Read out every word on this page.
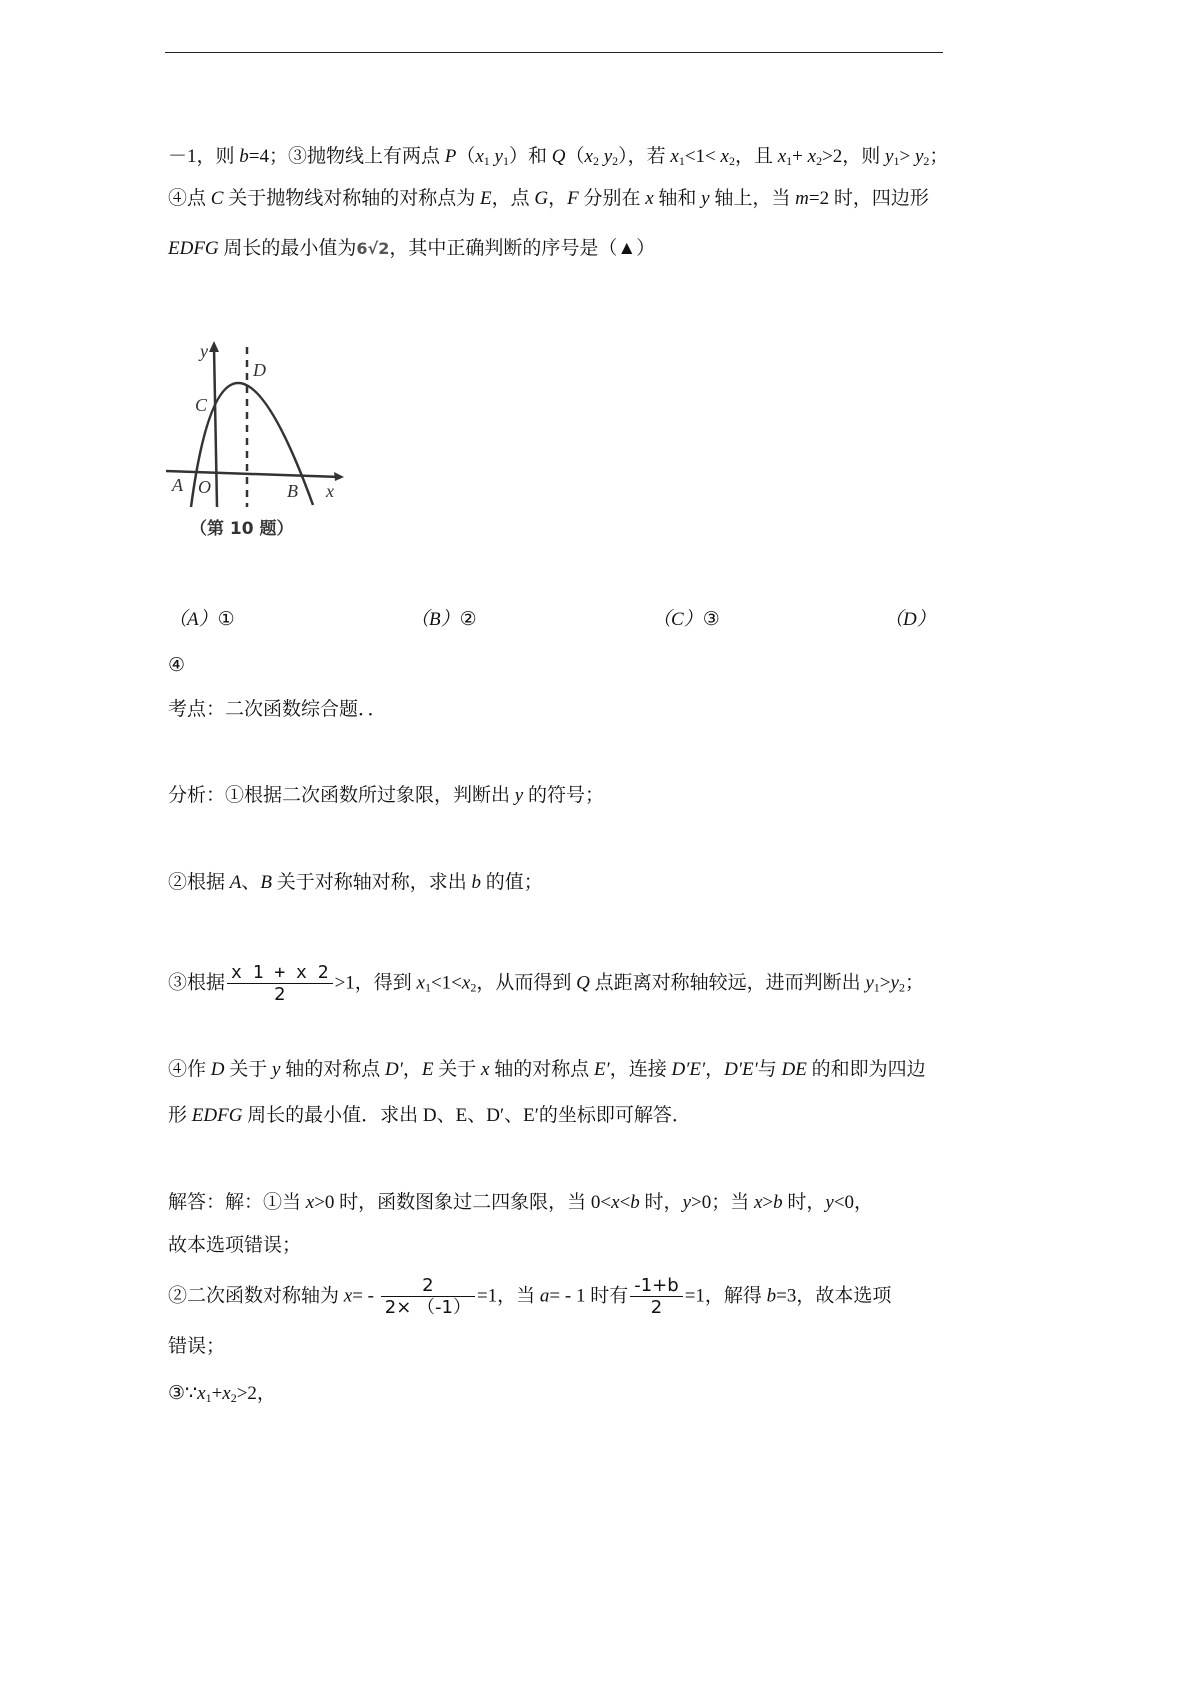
－1，则 b=4；③抛物线上有两点 $P(x_1$ $y_1$）和 $Q(x_2$ $y_2$），若 $x_1<1< x_2$，且 $x_1+ x_2>2$，则 $y_1> y_2$；
④点 C 关于抛物线对称轴的对称点为 E，点 G，F 分别在 x 轴和 y 轴上，当 m=2 时，四边形
EDFG 周长的最小值为6√2，其中正确判断的序号是（▲）
y
D
C
A O	B x
（第 10 题）
（A）①	（B）②	（C）③	（D）
④
考点：二次函数综合题．．
分析：①根据二次函数所过象限，判断出 y 的符号；
②根据 A、B 关于对称轴对称，求出 b 的值；
③根据 $\frac{x 1 + x 2}{2} >1$，得到 $x_1<1<x_2$，从而得到 Q 点距离对称轴较远，进而判断出 $y_1>y_2$；
④作 D 关于 y 轴的对称点 D′，E 关于 x 轴的对称点 E′，连接 D′E′，D′E′与 DE 的和即为四边
形 EDFG 周长的最小值．求出 D、E、D′、E′的坐标即可解答．
解答：解：①当 x>0 时，函数图象过二四象限，当 0<x<b 时，y>0；当 x>b 时，y<0，
故本选项错误；
②二次函数对称轴为 $x= - \frac{2}{2\times (-1)} =1$，当 a= - 1 时有 $\frac{-1+b}{2} =1$，解得 b=3，故本选项
错误；
$③\because x_1+x_2>2$，
